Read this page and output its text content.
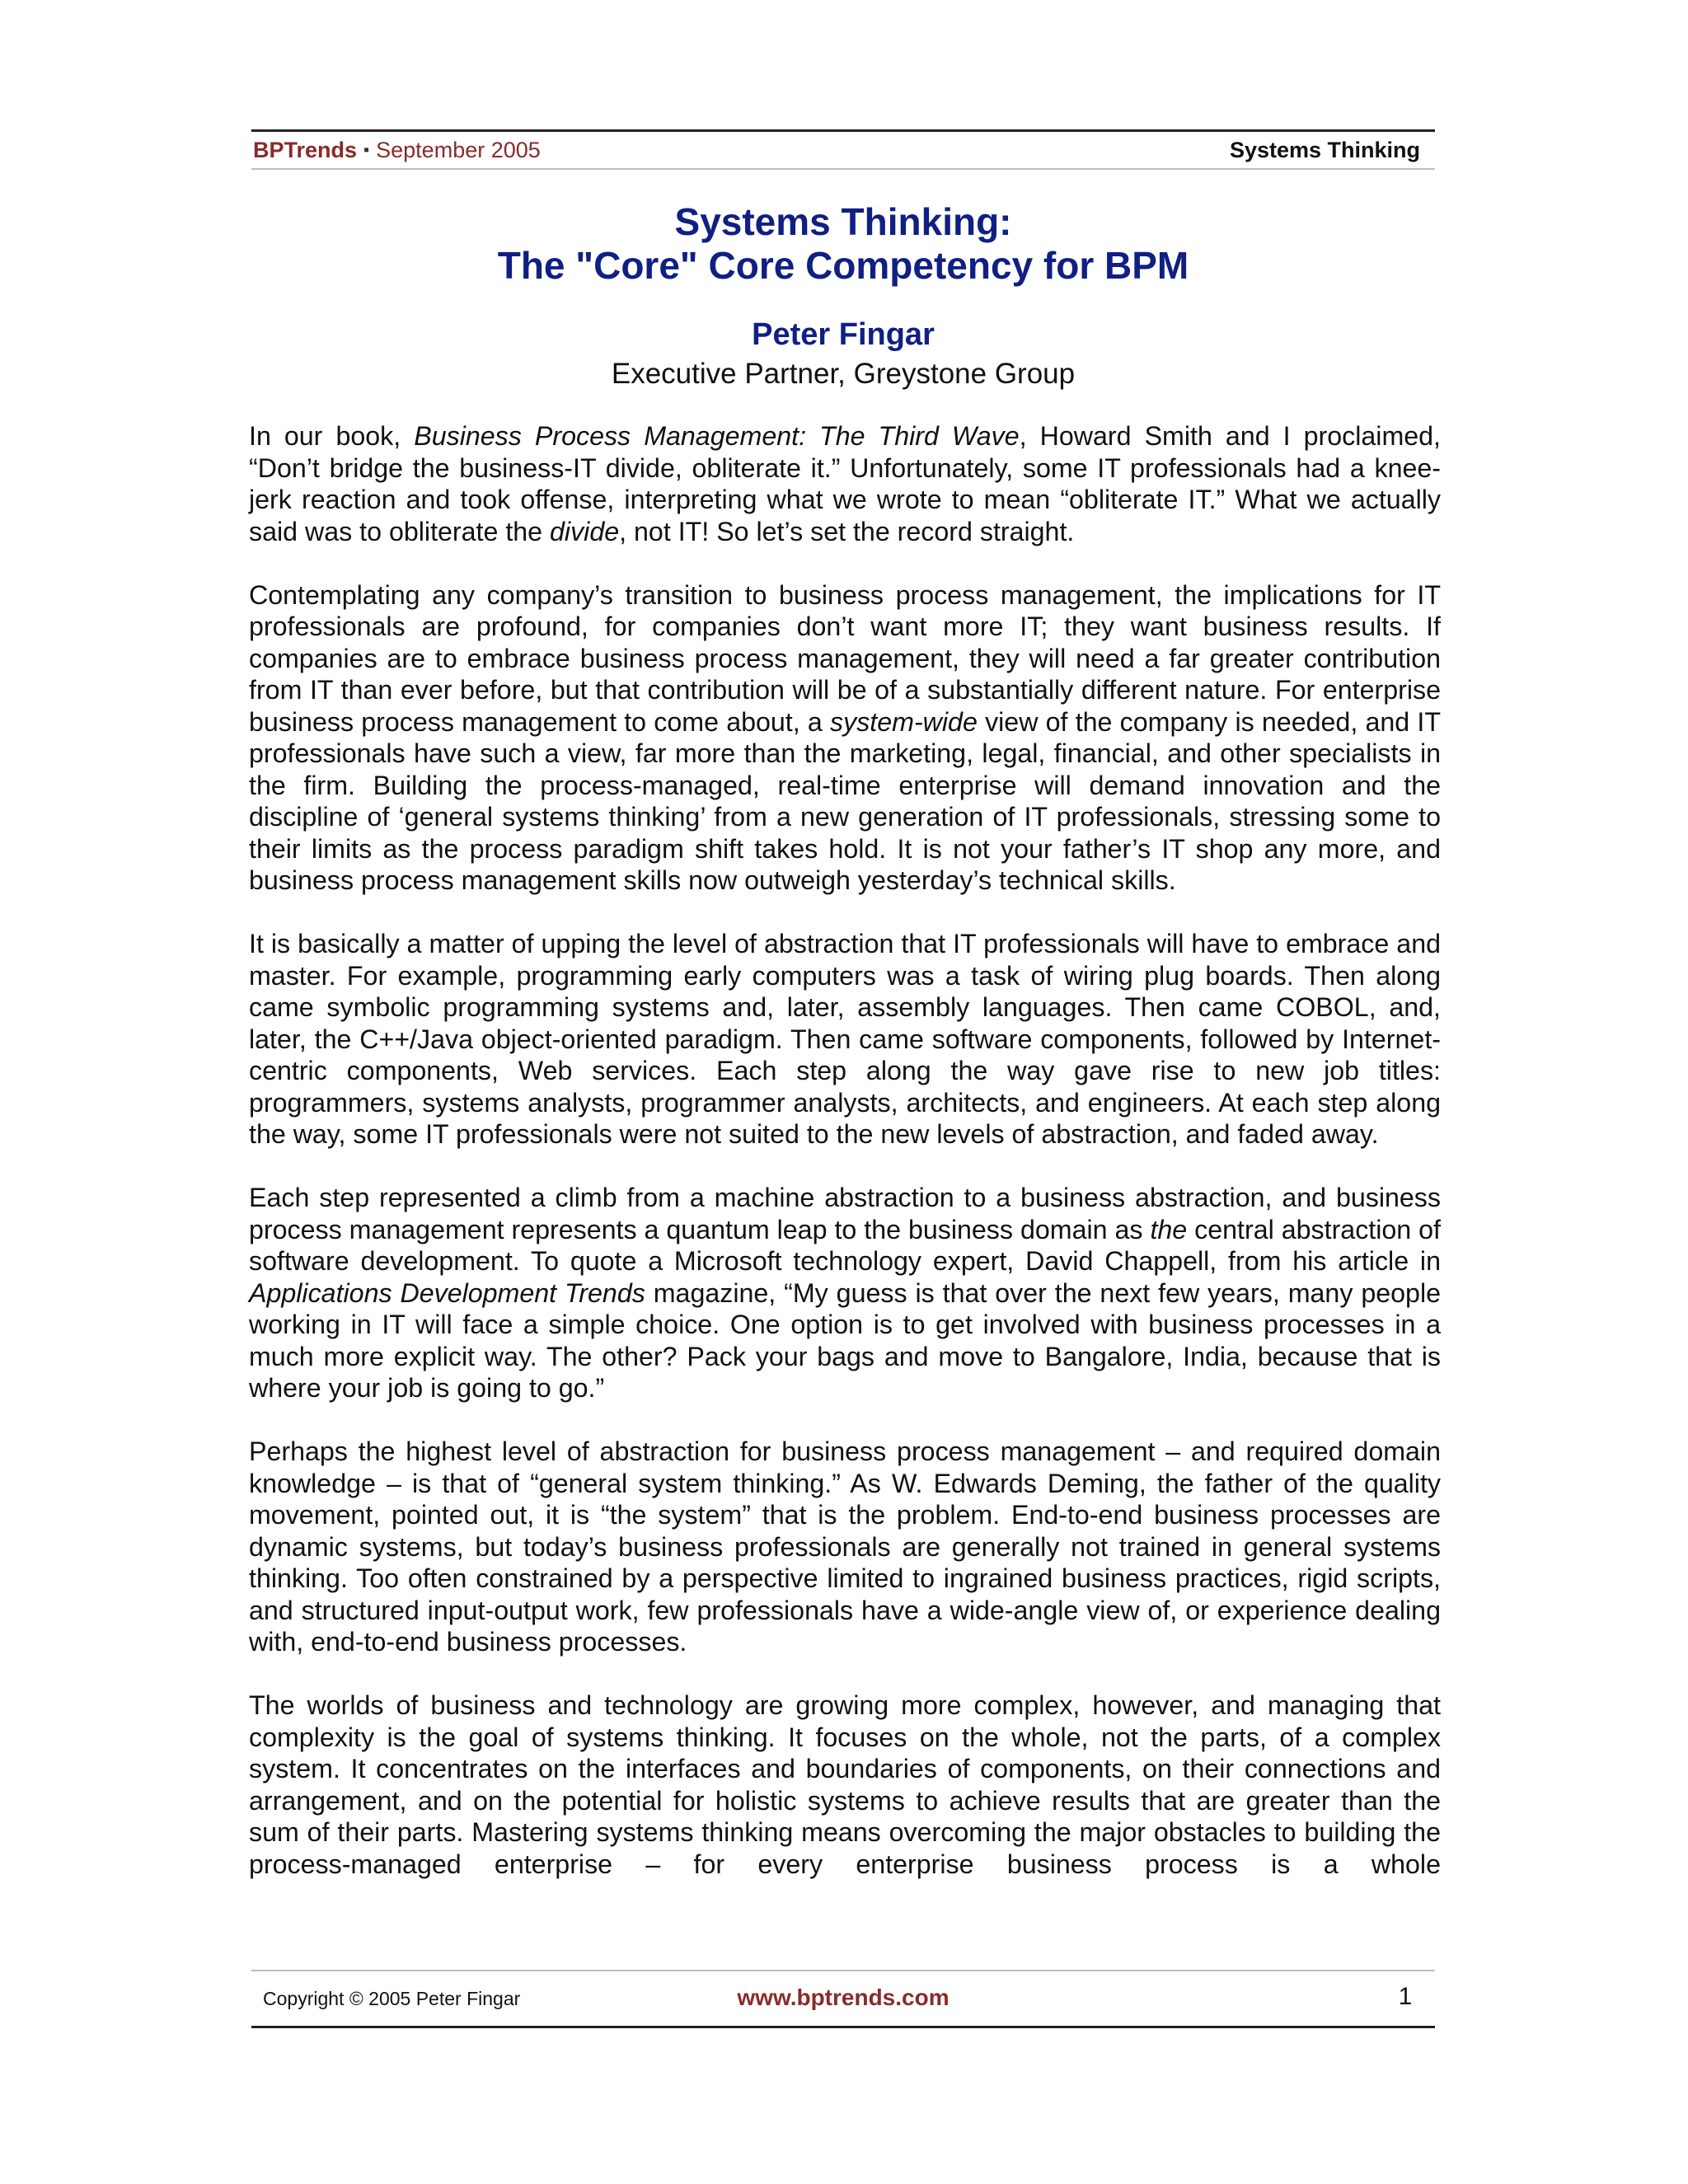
BPTrends ▪ September 2005	Systems Thinking
Systems Thinking:
The "Core" Core Competency for BPM
Peter Fingar
Executive Partner, Greystone Group

In our book, Business Process Management: The Third Wave, Howard Smith and I proclaimed, “Don’t bridge the business-IT divide, obliterate it.” Unfortunately, some IT professionals had a knee-jerk reaction and took offense, interpreting what we wrote to mean “obliterate IT.” What we actually said was to obliterate the divide, not IT! So let’s set the record straight.

Contemplating any company’s transition to business process management, the implications for IT professionals are profound, for companies don’t want more IT; they want business results. If companies are to embrace business process management, they will need a far greater contribution from IT than ever before, but that contribution will be of a substantially different nature. For enterprise business process management to come about, a system-wide view of the company is needed, and IT professionals have such a view, far more than the marketing, legal, financial, and other specialists in the firm. Building the process-managed, real-time enterprise will demand innovation and the discipline of ‘general systems thinking’ from a new generation of IT professionals, stressing some to their limits as the process paradigm shift takes hold. It is not your father’s IT shop any more, and business process management skills now outweigh yesterday’s technical skills.

It is basically a matter of upping the level of abstraction that IT professionals will have to embrace and master. For example, programming early computers was a task of wiring plug boards. Then along came symbolic programming systems and, later, assembly languages. Then came COBOL, and, later, the C++/Java object-oriented paradigm. Then came software components, followed by Internet-centric components, Web services. Each step along the way gave rise to new job titles: programmers, systems analysts, programmer analysts, architects, and engineers. At each step along the way, some IT professionals were not suited to the new levels of abstraction, and faded away.

Each step represented a climb from a machine abstraction to a business abstraction, and business process management represents a quantum leap to the business domain as the central abstraction of software development. To quote a Microsoft technology expert, David Chappell, from his article in Applications Development Trends magazine, “My guess is that over the next few years, many people working in IT will face a simple choice. One option is to get involved with business processes in a much more explicit way. The other? Pack your bags and move to Bangalore, India, because that is where your job is going to go.”

Perhaps the highest level of abstraction for business process management – and required domain knowledge – is that of “general system thinking.” As W. Edwards Deming, the father of the quality movement, pointed out, it is “the system” that is the problem. End-to-end business processes are dynamic systems, but today’s business professionals are generally not trained in general systems thinking. Too often constrained by a perspective limited to ingrained business practices, rigid scripts, and structured input-output work, few professionals have a wide-angle view of, or experience dealing with, end-to-end business processes.

The worlds of business and technology are growing more complex, however, and managing that complexity is the goal of systems thinking. It focuses on the whole, not the parts, of a complex system. It concentrates on the interfaces and boundaries of components, on their connections and arrangement, and on the potential for holistic systems to achieve results that are greater than the sum of their parts. Mastering systems thinking means overcoming the major obstacles to building the process-managed enterprise – for every enterprise business process is a whole

Copyright © 2005 Peter Fingar	www.bptrends.com	1
